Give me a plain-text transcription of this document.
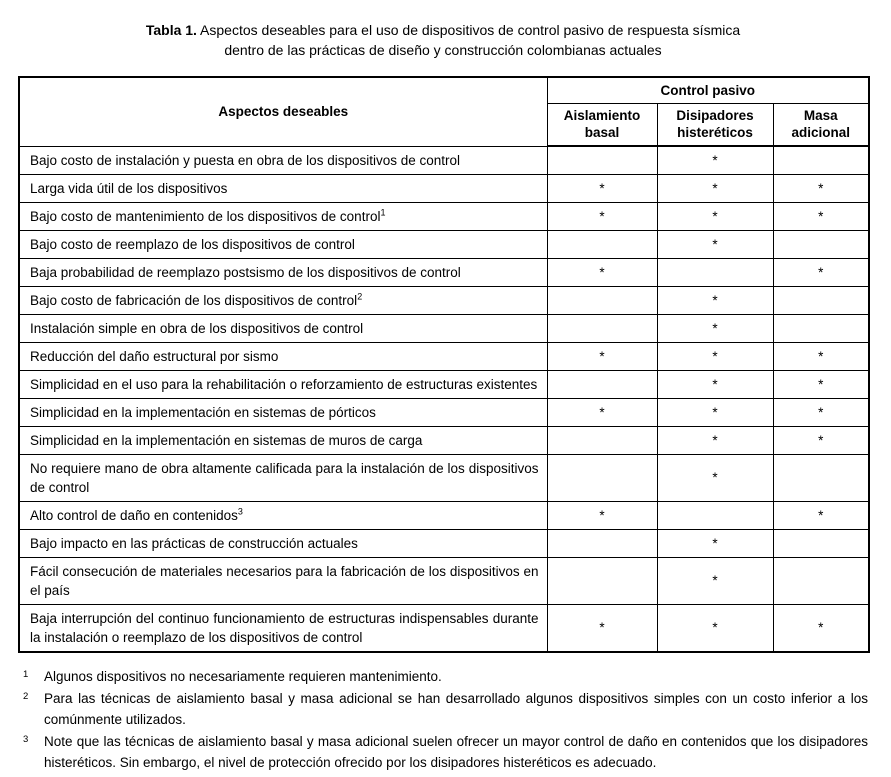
Tabla 1. Aspectos deseables para el uso de dispositivos de control pasivo de respuesta sísmica
dentro de las prácticas de diseño y construcción colombianas actuales
Aspectos deseables	Control pasivo		
	Aislamiento basal	Disipadores histeréticos	Masa adicional
Bajo costo de instalación y puesta en obra de los dispositivos de control		*	
Larga vida útil de los dispositivos	*	*	*
Bajo costo de mantenimiento de los dispositivos de control$^1$	*	*	*
Bajo costo de reemplazo de los dispositivos de control		*	
Baja probabilidad de reemplazo postsismo de los dispositivos de control	*		*
Bajo costo de fabricación de los dispositivos de control$^2$		*	
Instalación simple en obra de los dispositivos de control		*	
Reducción del daño estructural por sismo	*	*	*
Simplicidad en el uso para la rehabilitación o reforzamiento de estructuras existentes		*	*
Simplicidad en la implementación en sistemas de pórticos	*	*	*
Simplicidad en la implementación en sistemas de muros de carga		*	*
No requiere mano de obra altamente calificada para la instalación de los dispositivos de control		*	
Alto control de daño en contenidos$^3$	*		*
Bajo impacto en las prácticas de construcción actuales		*	
Fácil consecución de materiales necesarios para la fabricación de los dispositivos en el país		*	
Baja interrupción del continuo funcionamiento de estructuras indispensables durante la instalación o reemplazo de los dispositivos de control	*	*	*
1	Algunos dispositivos no necesariamente requieren mantenimiento.
2	Para las técnicas de aislamiento basal y masa adicional se han desarrollado algunos dispositivos simples con un costo inferior a los comúnmente utilizados.
3	Note que las técnicas de aislamiento basal y masa adicional suelen ofrecer un mayor control de daño en contenidos que los disipadores histeréticos. Sin embargo, el nivel de protección ofrecido por los disipadores histeréticos es adecuado.
